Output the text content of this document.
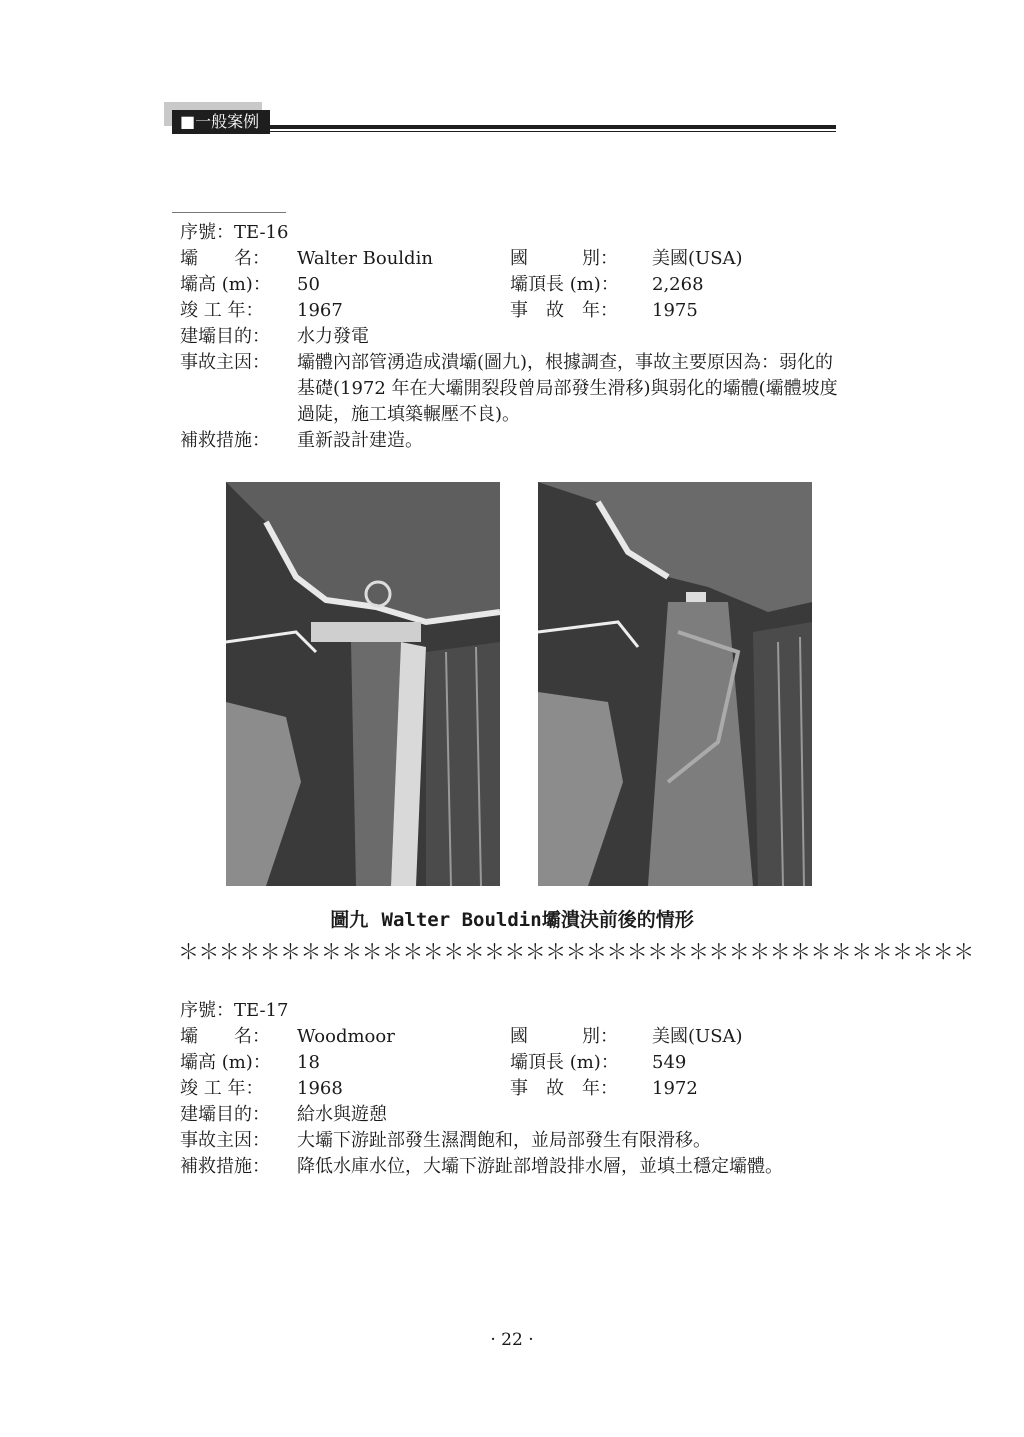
■一般案例
序號：TE-16
壩　　名： Walter Bouldin	國　　　別： 美國(USA)
壩高 (m)： 50	壩頂長 (m)： 2,268
竣 工 年： 1967	事　故　年： 1975
建壩目的： 水力發電
事故主因： 壩體內部管湧造成潰壩(圖九)，根據調查，事故主要原因為：弱化的基礎(1972 年在大壩開裂段曾局部發生滑移)與弱化的壩體(壩體坡度過陡，施工填築輾壓不良)。
補救措施： 重新設計建造。
圖九 Walter Bouldin壩潰決前後的情形
＊＊＊＊＊＊＊＊＊＊＊＊＊＊＊＊＊＊＊＊＊＊＊＊＊＊＊＊＊＊＊＊＊＊＊＊＊＊＊
序號：TE-17
壩　　名： Woodmoor	國　　　別： 美國(USA)
壩高 (m)： 18	壩頂長 (m)： 549
竣 工 年： 1968	事　故　年： 1972
建壩目的： 給水與遊憩
事故主因： 大壩下游趾部發生濕潤飽和，並局部發生有限滑移。
補救措施： 降低水庫水位，大壩下游趾部增設排水層，並填土穩定壩體。
· 22 ·
